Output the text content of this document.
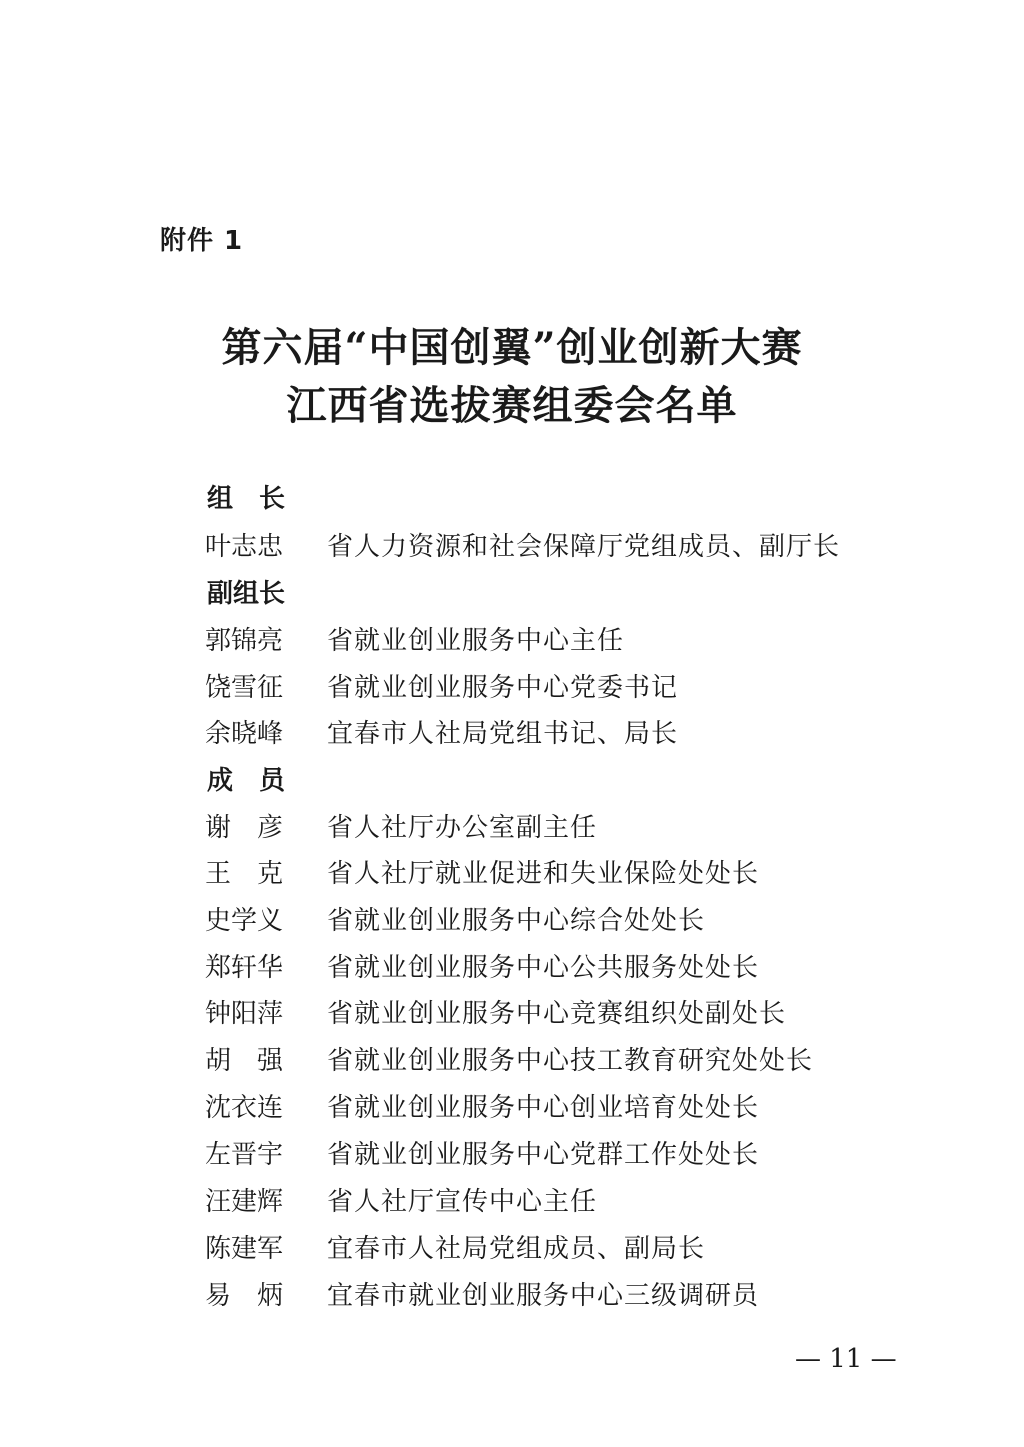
附件 1
第六届“中国创翼”创业创新大赛
江西省选拔赛组委会名单
组　长

叶志忠

省人力资源和社会保障厅党组成员、副厅长

副组长

郭锦亮

省就业创业服务中心主任

饶雪征

省就业创业服务中心党委书记

余晓峰

宜春市人社局党组书记、局长

成　员

谢　彦

省人社厅办公室副主任

王　克

省人社厅就业促进和失业保险处处长

史学义

省就业创业服务中心综合处处长

郑轩华

省就业创业服务中心公共服务处处长

钟阳萍

省就业创业服务中心竞赛组织处副处长

胡　强

省就业创业服务中心技工教育研究处处长

沈衣连

省就业创业服务中心创业培育处处长

左晋宇

省就业创业服务中心党群工作处处长

汪建辉

省人社厅宣传中心主任

陈建军

宜春市人社局党组成员、副局长

易　炳

宜春市就业创业服务中心三级调研员

— 11 —
